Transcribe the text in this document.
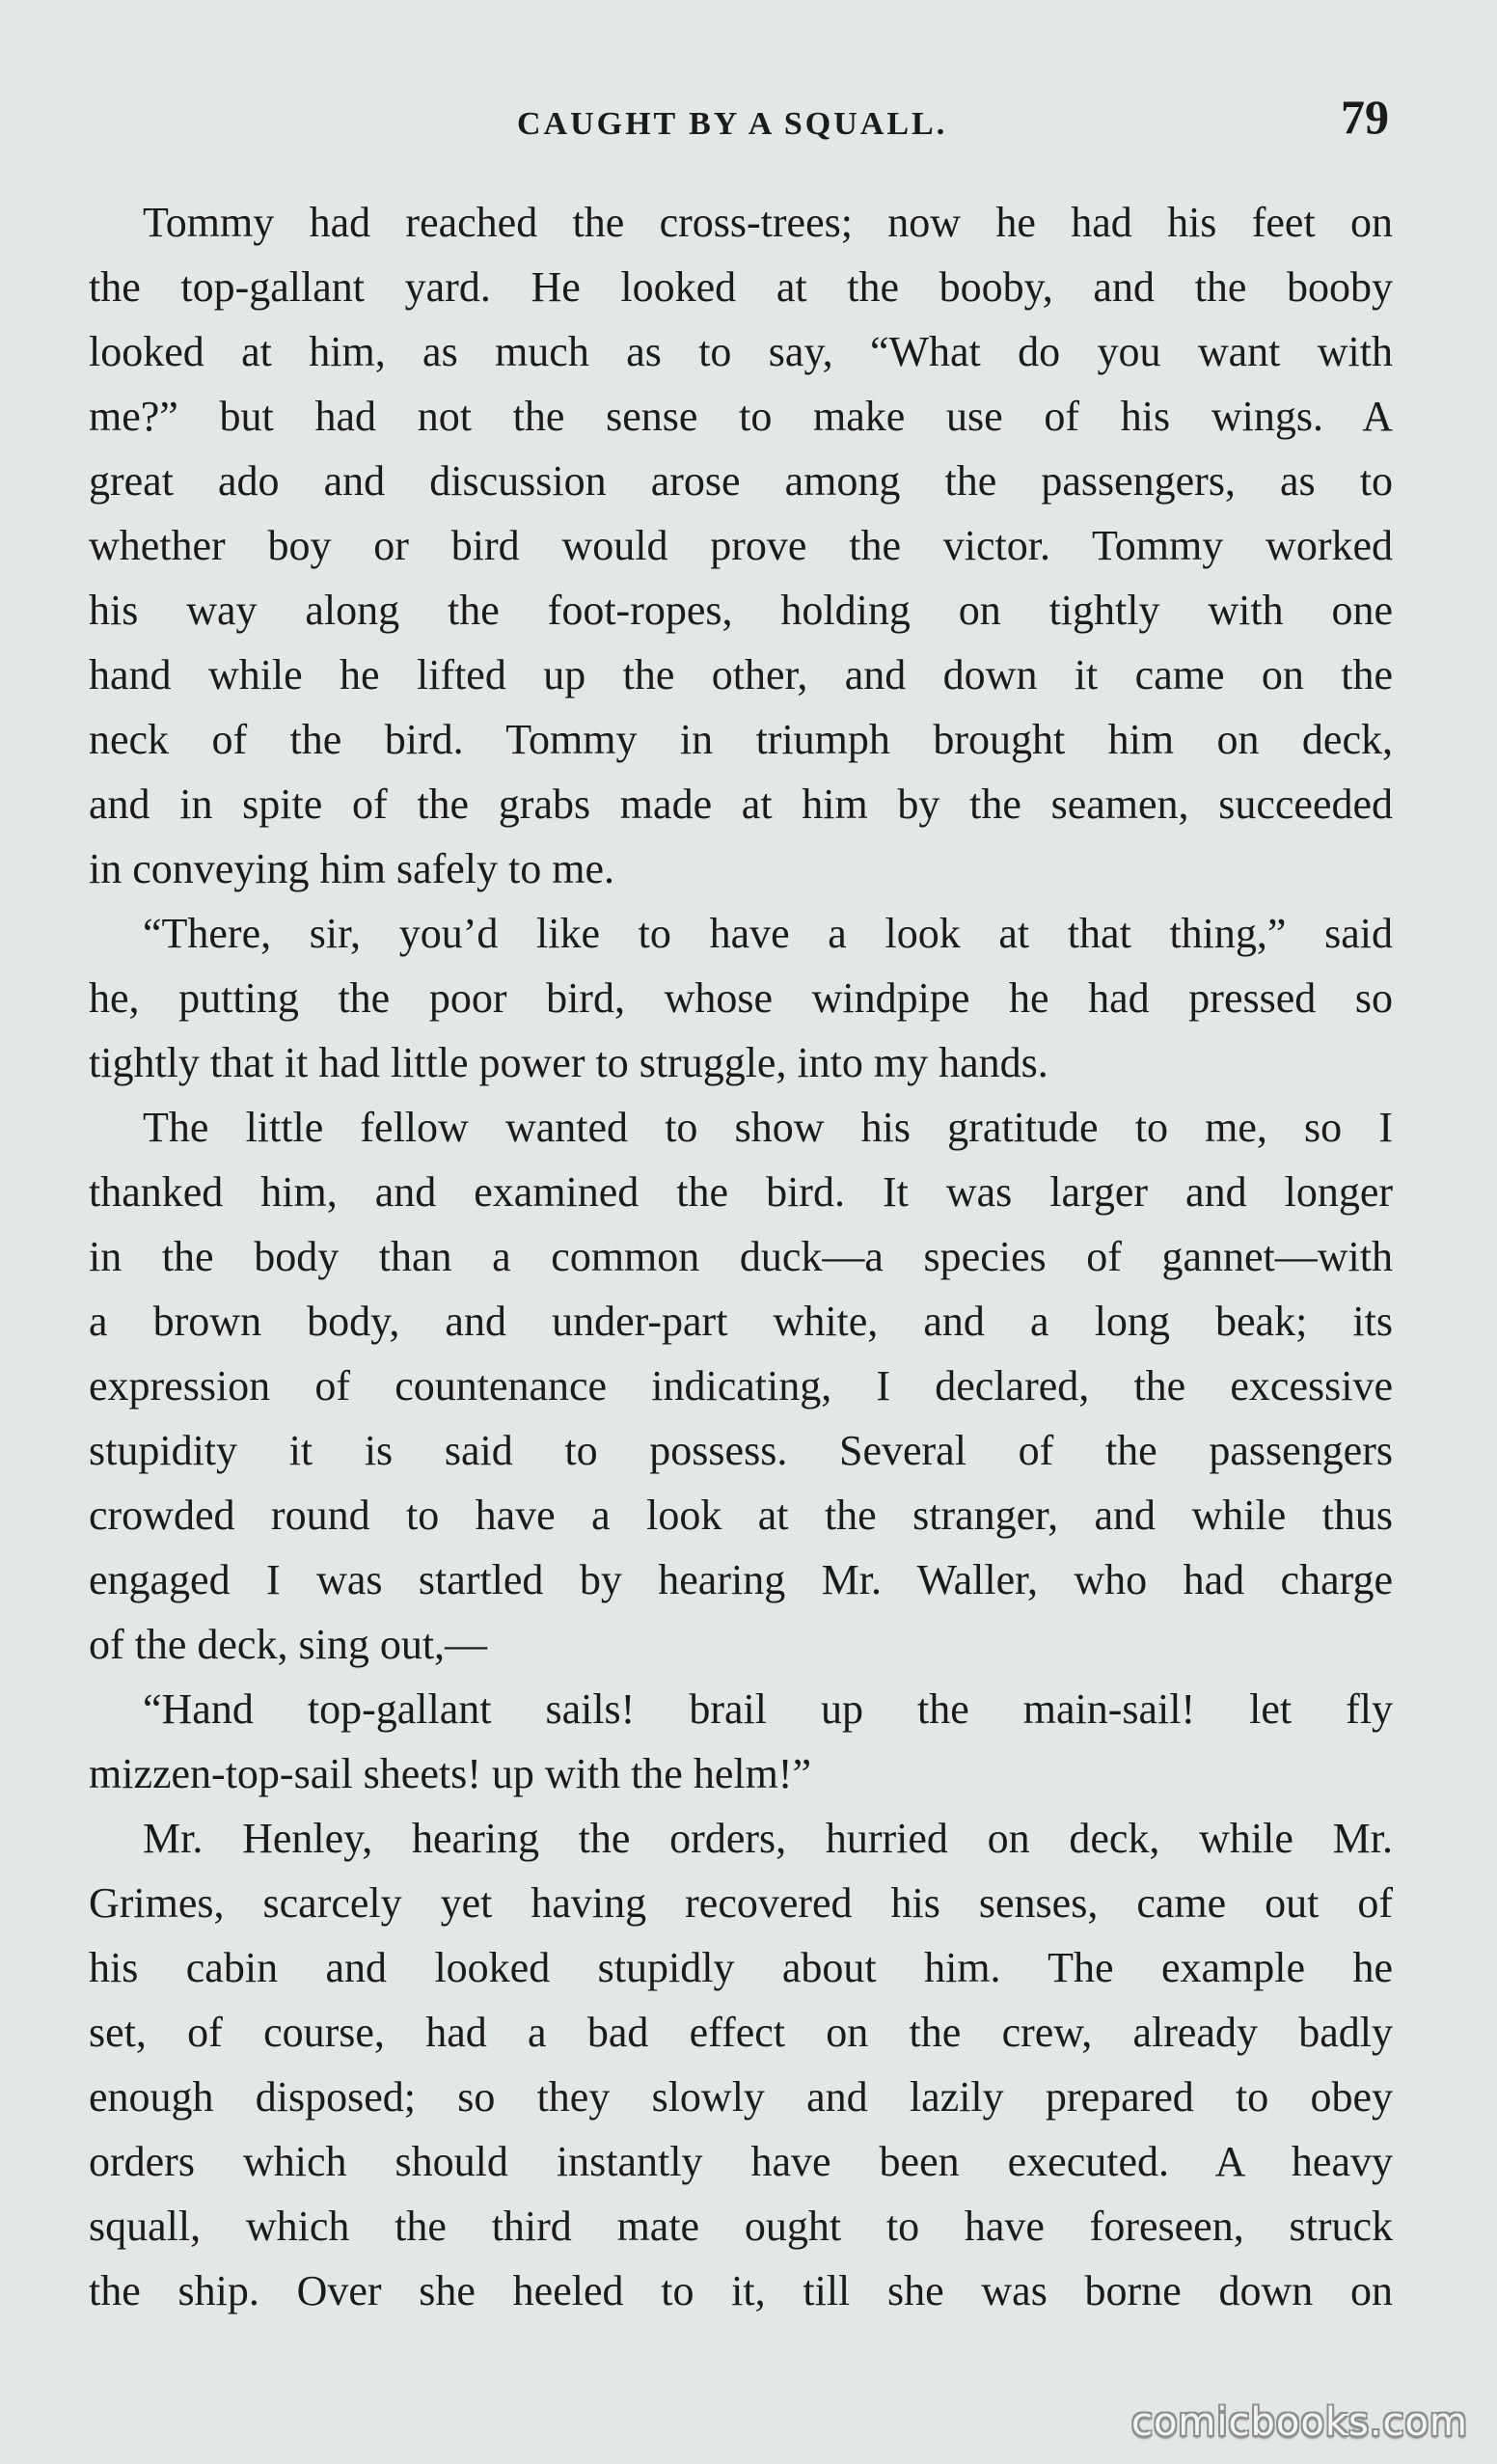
CAUGHT BY A SQUALL.	79
Tommy had reached the cross-trees; now he had his feet on
the top-gallant yard. He looked at the booby, and the booby
looked at him, as much as to say, “What do you want with
me?” but had not the sense to make use of his wings. A
great ado and discussion arose among the passengers, as to
whether boy or bird would prove the victor. Tommy worked
his way along the foot-ropes, holding on tightly with one
hand while he lifted up the other, and down it came on the
neck of the bird. Tommy in triumph brought him on deck,
and in spite of the grabs made at him by the seamen, succeeded
in conveying him safely to me.
“There, sir, you’d like to have a look at that thing,” said
he, putting the poor bird, whose windpipe he had pressed so
tightly that it had little power to struggle, into my hands.
The little fellow wanted to show his gratitude to me, so I
thanked him, and examined the bird. It was larger and longer
in the body than a common duck—a species of gannet—with
a brown body, and under-part white, and a long beak; its
expression of countenance indicating, I declared, the excessive
stupidity it is said to possess. Several of the passengers
crowded round to have a look at the stranger, and while thus
engaged I was startled by hearing Mr. Waller, who had charge
of the deck, sing out,—
“Hand top-gallant sails! brail up the main-sail! let fly
mizzen-top-sail sheets! up with the helm!”
Mr. Henley, hearing the orders, hurried on deck, while Mr.
Grimes, scarcely yet having recovered his senses, came out of
his cabin and looked stupidly about him. The example he
set, of course, had a bad effect on the crew, already badly
enough disposed; so they slowly and lazily prepared to obey
orders which should instantly have been executed. A heavy
squall, which the third mate ought to have foreseen, struck
the ship. Over she heeled to it, till she was borne down on
comicbooks.com
